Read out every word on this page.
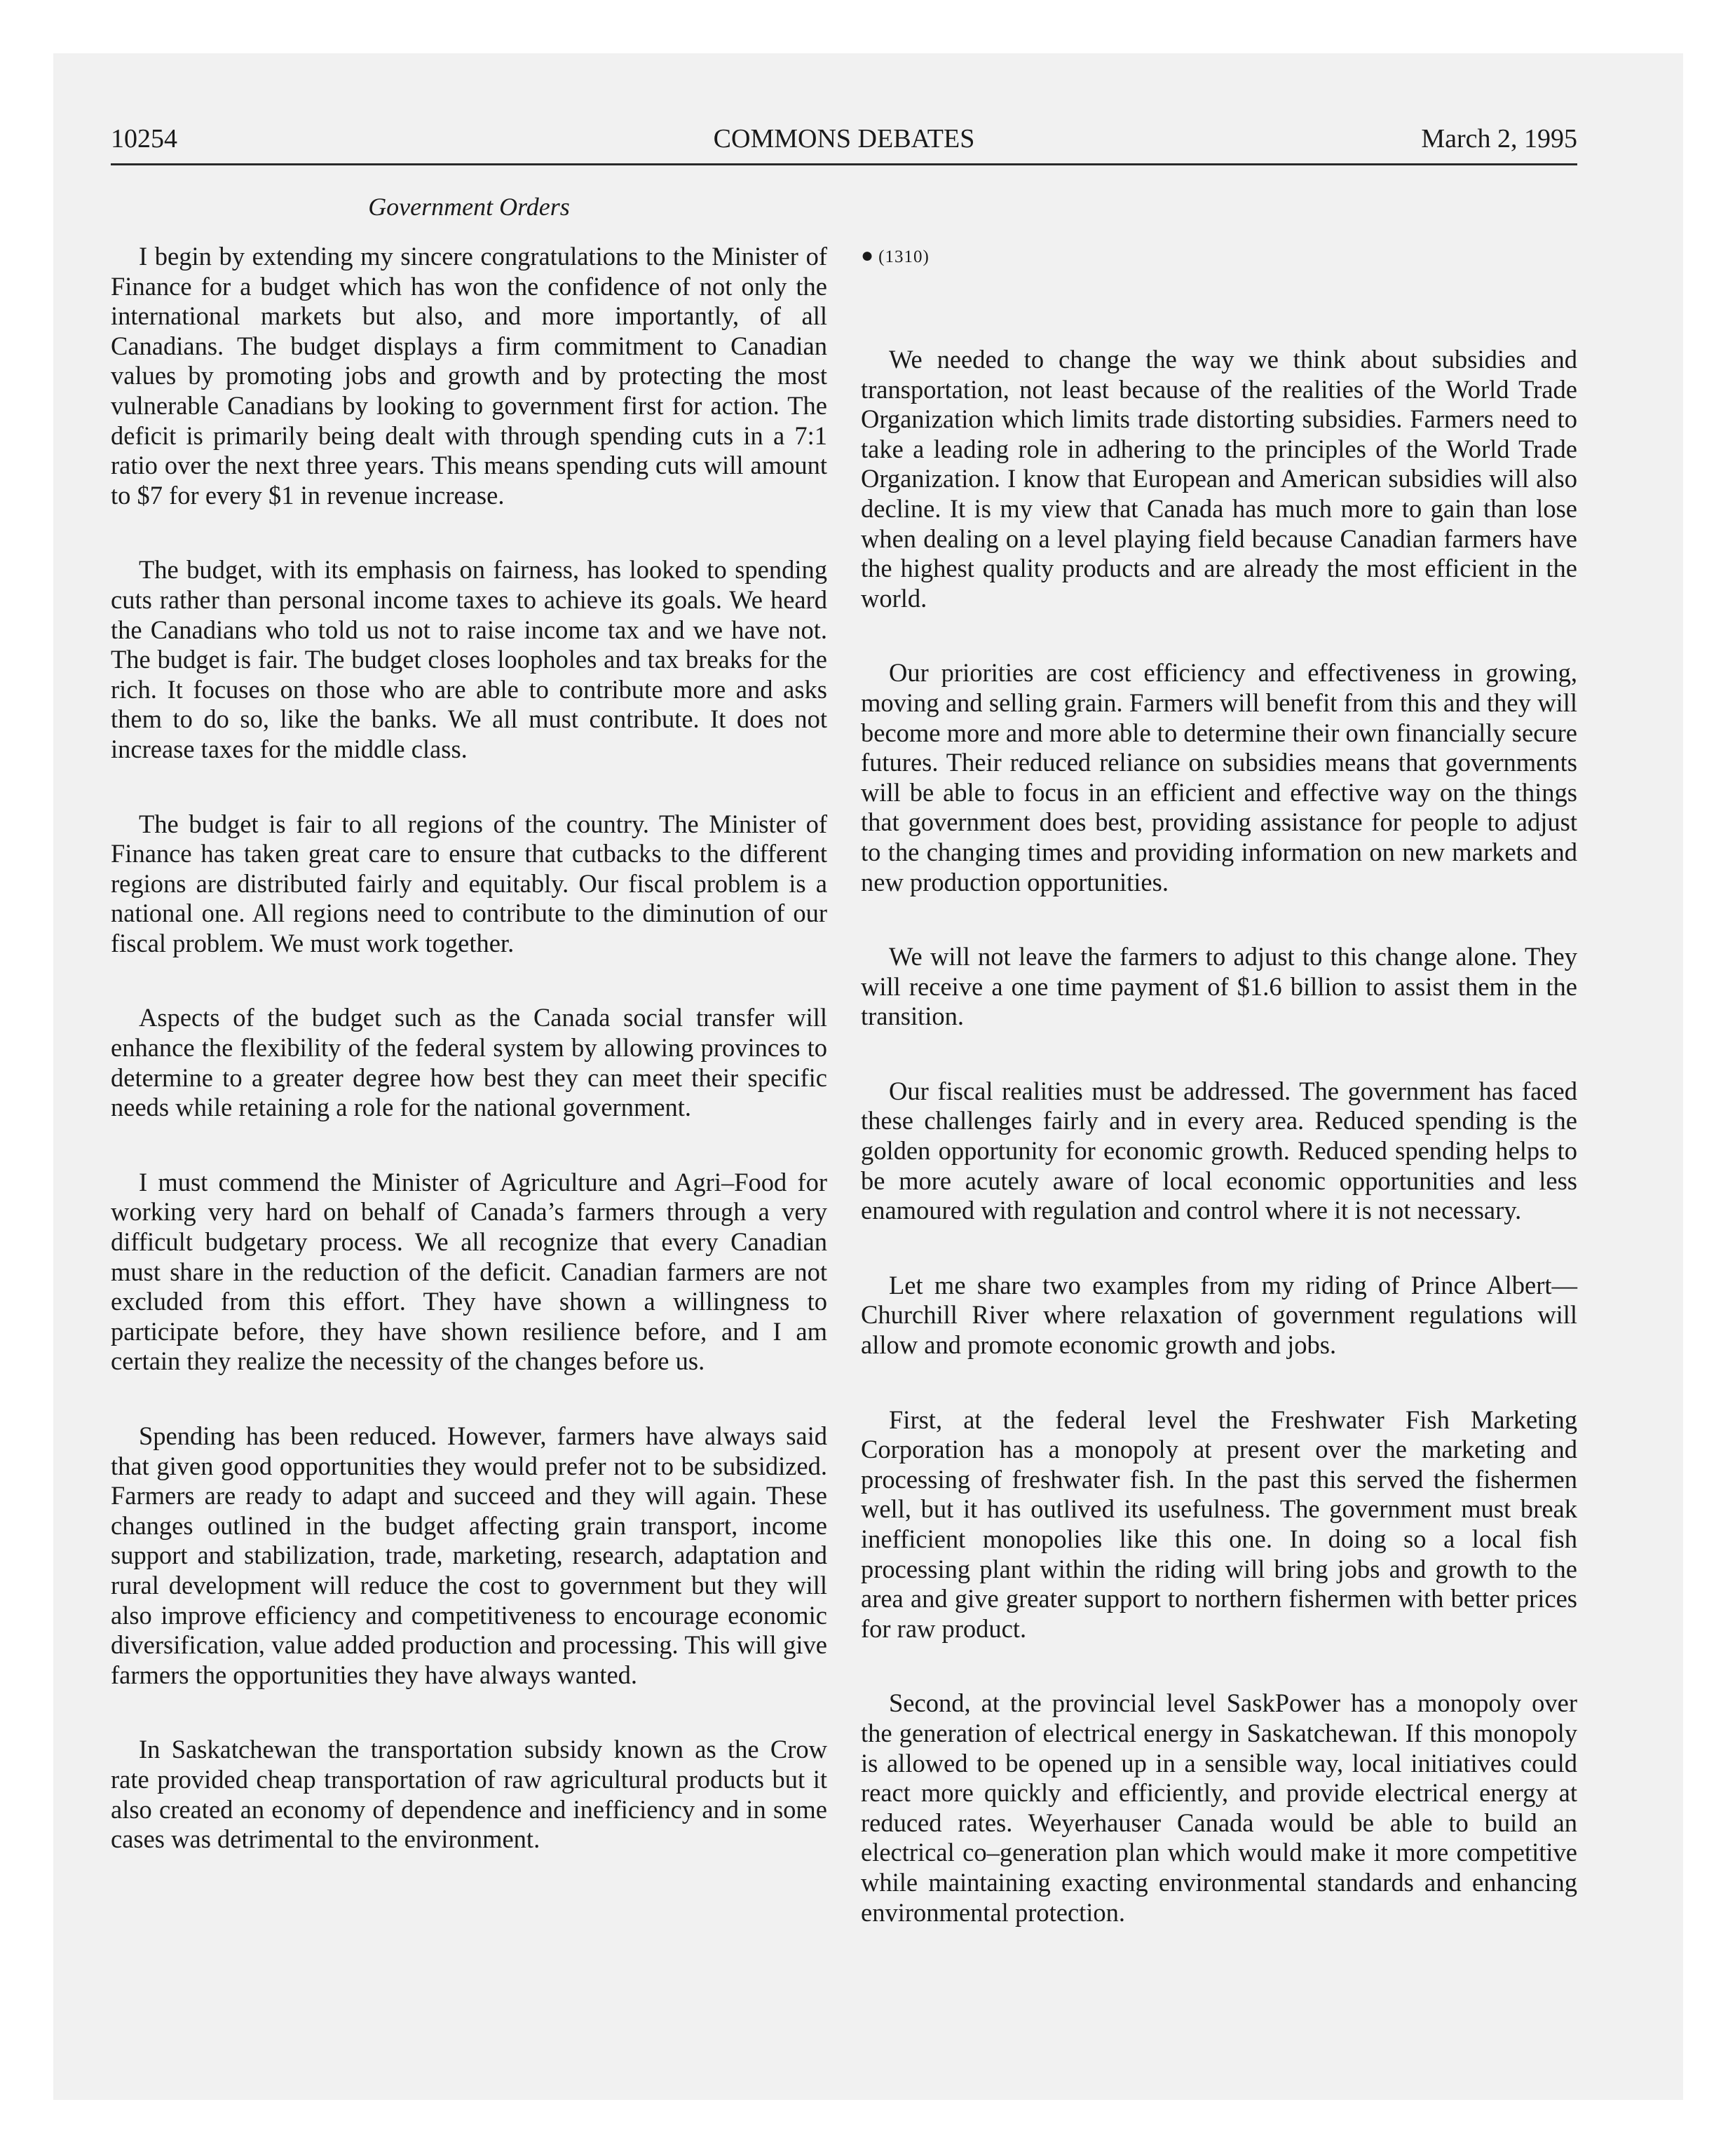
10254	COMMONS DEBATES	March 2, 1995
Government Orders

I begin by extending my sincere congratulations to the Minister of Finance for a budget which has won the confidence of not only the international markets but also, and more importantly, of all Canadians. The budget displays a firm commitment to Canadian values by promoting jobs and growth and by protecting the most vulnerable Canadians by looking to government first for action. The deficit is primarily being dealt with through spending cuts in a 7:1 ratio over the next three years. This means spending cuts will amount to $7 for every $1 in revenue increase.

The budget, with its emphasis on fairness, has looked to spending cuts rather than personal income taxes to achieve its goals. We heard the Canadians who told us not to raise income tax and we have not. The budget is fair. The budget closes loopholes and tax breaks for the rich. It focuses on those who are able to contribute more and asks them to do so, like the banks. We all must contribute. It does not increase taxes for the middle class.

The budget is fair to all regions of the country. The Minister of Finance has taken great care to ensure that cutbacks to the different regions are distributed fairly and equitably. Our fiscal problem is a national one. All regions need to contribute to the diminution of our fiscal problem. We must work together.

Aspects of the budget such as the Canada social transfer will enhance the flexibility of the federal system by allowing provinces to determine to a greater degree how best they can meet their specific needs while retaining a role for the national government.

I must commend the Minister of Agriculture and Agri–Food for working very hard on behalf of Canada’s farmers through a very difficult budgetary process. We all recognize that every Canadian must share in the reduction of the deficit. Canadian farmers are not excluded from this effort. They have shown a willingness to participate before, they have shown resilience before, and I am certain they realize the necessity of the changes before us.

Spending has been reduced. However, farmers have always said that given good opportunities they would prefer not to be subsidized. Farmers are ready to adapt and succeed and they will again. These changes outlined in the budget affecting grain transport, income support and stabilization, trade, marketing, research, adaptation and rural development will reduce the cost to government but they will also improve efficiency and competitiveness to encourage economic diversification, value added production and processing. This will give farmers the opportunities they have always wanted.

In Saskatchewan the transportation subsidy known as the Crow rate provided cheap transportation of raw agricultural products but it also created an economy of dependence and inefficiency and in some cases was detrimental to the environment.

● (1310)

We needed to change the way we think about subsidies and transportation, not least because of the realities of the World Trade Organization which limits trade distorting subsidies. Farmers need to take a leading role in adhering to the principles of the World Trade Organization. I know that European and American subsidies will also decline. It is my view that Canada has much more to gain than lose when dealing on a level playing field because Canadian farmers have the highest quality products and are already the most efficient in the world.

Our priorities are cost efficiency and effectiveness in growing, moving and selling grain. Farmers will benefit from this and they will become more and more able to determine their own financially secure futures. Their reduced reliance on subsidies means that governments will be able to focus in an efficient and effective way on the things that government does best, providing assistance for people to adjust to the changing times and providing information on new markets and new production opportunities.

We will not leave the farmers to adjust to this change alone. They will receive a one time payment of $1.6 billion to assist them in the transition.

Our fiscal realities must be addressed. The government has faced these challenges fairly and in every area. Reduced spending is the golden opportunity for economic growth. Reduced spending helps to be more acutely aware of local economic opportunities and less enamoured with regulation and control where it is not necessary.

Let me share two examples from my riding of Prince Albert—Churchill River where relaxation of government regulations will allow and promote economic growth and jobs.

First, at the federal level the Freshwater Fish Marketing Corporation has a monopoly at present over the marketing and processing of freshwater fish. In the past this served the fishermen well, but it has outlived its usefulness. The government must break inefficient monopolies like this one. In doing so a local fish processing plant within the riding will bring jobs and growth to the area and give greater support to northern fishermen with better prices for raw product.

Second, at the provincial level SaskPower has a monopoly over the generation of electrical energy in Saskatchewan. If this monopoly is allowed to be opened up in a sensible way, local initiatives could react more quickly and efficiently, and provide electrical energy at reduced rates. Weyerhauser Canada would be able to build an electrical co–generation plan which would make it more competitive while maintaining exacting environmental standards and enhancing environmental protection.
